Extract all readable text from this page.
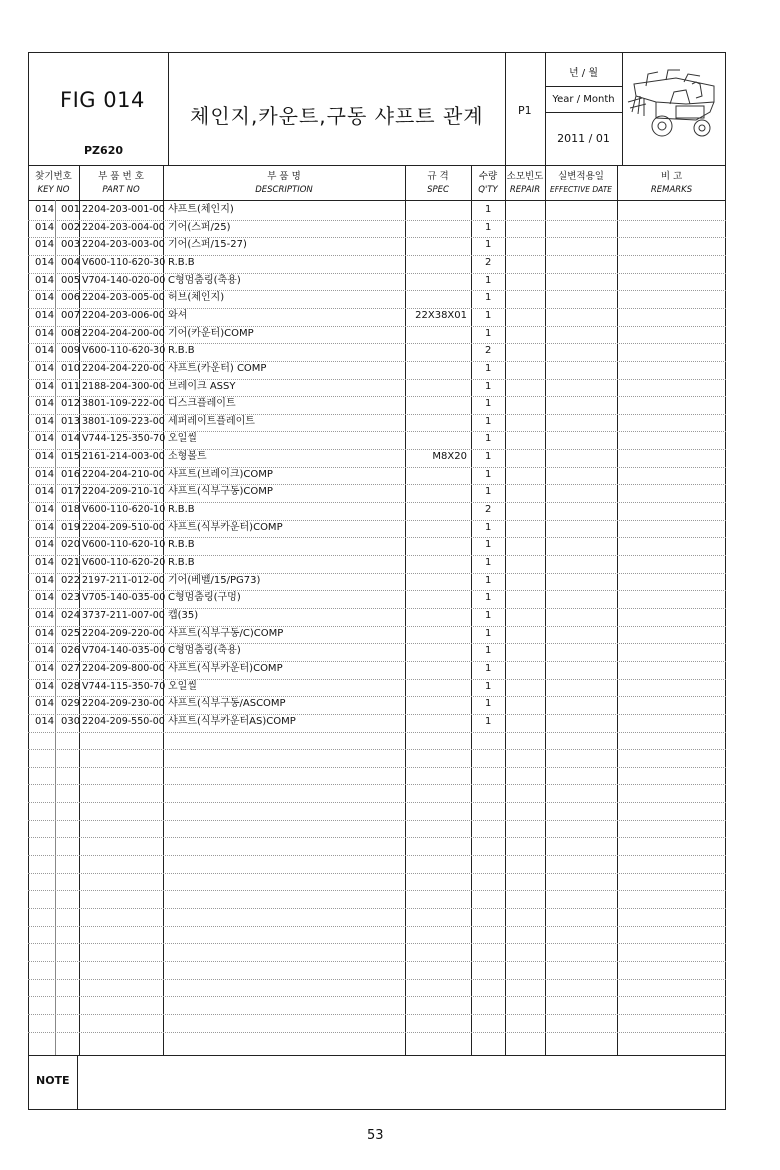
FIG 014
PZ620
체인지,카운트,구동 샤프트 관계	P1
년 / 월
Year / Month
2011 / 01
찾기번호
KEY NO
부 품 번 호
PART NO
부 품 명
DESCRIPTION
규 격
SPEC
수량
Q'TY
소모빈도
REPAIR
실변적용일
EFFECTIVE DATE
비 고
REMARKS
014 001 2204-203-001-00 샤프트(체인지)	1
014 002 2204-203-004-00 기어(스퍼/25)	1
014 003 2204-203-003-00 기어(스퍼/15-27)	1
014 004 V600-110-620-30 R.B.B	2
014 005 V704-140-020-00 C형멈춤링(축용)	1
014 006 2204-203-005-00 허브(체인지)	1
014 007 2204-203-006-00 와셔	22X38X01 1
014 008 2204-204-200-00 기어(카운터)COMP	1
014 009 V600-110-620-30 R.B.B	2
014 010 2204-204-220-00 샤프트(카운터) COMP	1
014 011 2188-204-300-00 브레이크 ASSY	1
014 012 3801-109-222-00 디스크플레이트	1
014 013 3801-109-223-00 세퍼레이트플레이트	1
014 014 V744-125-350-70 오일씰	1
014 015 2161-214-003-00 소형볼트	M8X20 1
014 016 2204-204-210-00 샤프트(브레이크)COMP	1
014 017 2204-209-210-10 샤프트(식부구동)COMP	1
014 018 V600-110-620-10 R.B.B	2
014 019 2204-209-510-00 샤프트(식부카운터)COMP	1
014 020 V600-110-620-10 R.B.B	1
014 021 V600-110-620-20 R.B.B	1
014 022 2197-211-012-00 기어(베벨/15/PG73)	1
014 023 V705-140-035-00 C형멈춤링(구멍)	1
014 024 3737-211-007-00 캡(35)	1
014 025 2204-209-220-00 샤프트(식부구동/C)COMP	1
014 026 V704-140-035-00 C형멈춤링(축용)	1
014 027 2204-209-800-00 샤프트(식부카운터)COMP	1
014 028 V744-115-350-70 오일씰	1
014 029 2204-209-230-00 샤프트(식부구동/ASCOMP	1
014 030 2204-209-550-00 샤프트(식부카운터AS)COMP	1
NOTE
53
